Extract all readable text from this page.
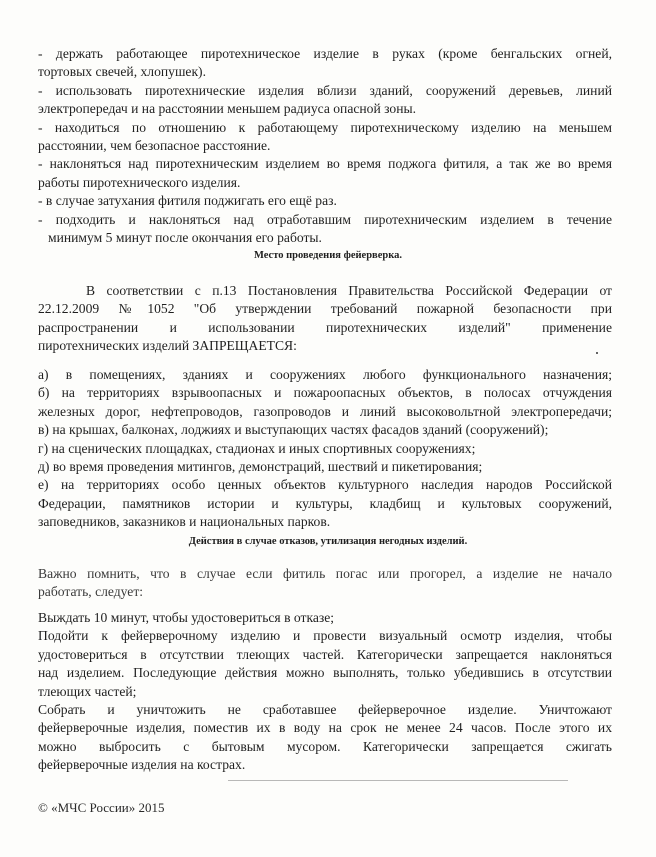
- держать работающее пиротехническое изделие в руках (кроме бенгальских огней,
тортовых свечей, хлопушек).
- использовать пиротехнические изделия вблизи зданий, сооружений деревьев, линий
электропередач и на расстоянии меньшем радиуса опасной зоны.
- находиться по отношению к работающему пиротехническому изделию на меньшем
расстоянии, чем безопасное расстояние.
- наклоняться над пиротехническим изделием во время поджога фитиля, а так же во время
работы пиротехнического изделия.
- в случае затухания фитиля поджигать его ещё раз.
- подходить и наклоняться над отработавшим пиротехническим изделием в течение
минимум 5 минут после окончания его работы.
Место проведения фейерверка.
В соответствии с п.13 Постановления Правительства Российской Федерации от
22.12.2009 №1052 "Об утверждении требований пожарной безопасности при
распространении и использовании пиротехнических изделий" применение
пиротехнических изделий ЗАПРЕЩАЕТСЯ:
а) в помещениях, зданиях и сооружениях любого функционального назначения;
б) на территориях взрывоопасных и пожароопасных объектов, в полосах отчуждения
железных дорог, нефтепроводов, газопроводов и линий высоковольтной электропередачи;
в) на крышах, балконах, лоджиях и выступающих частях фасадов зданий (сооружений);
г) на сценических площадках, стадионах и иных спортивных сооружениях;
д) во время проведения митингов, демонстраций, шествий и пикетирования;
е) на территориях особо ценных объектов культурного наследия народов Российской
Федерации, памятников истории и культуры, кладбищ и культовых сооружений,
заповедников, заказников и национальных парков.
Действия в случае отказов, утилизация негодных изделий.
Важно помнить, что в случае если фитиль погас или прогорел, а изделие не начало
работать, следует:
Выждать 10 минут, чтобы удостовериться в отказе;
Подойти к фейерверочному изделию и провести визуальный осмотр изделия, чтобы
удостовериться в отсутствии тлеющих частей. Категорически запрещается наклоняться
над изделием. Последующие действия можно выполнять, только убедившись в отсутствии
тлеющих частей;
Собрать и уничтожить не сработавшее фейерверочное изделие. Уничтожают
фейерверочные изделия, поместив их в воду на срок не менее 24 часов. После этого их
можно выбросить с бытовым мусором. Категорически запрещается сжигать
фейерверочные изделия на кострах.
© «МЧС России» 2015
